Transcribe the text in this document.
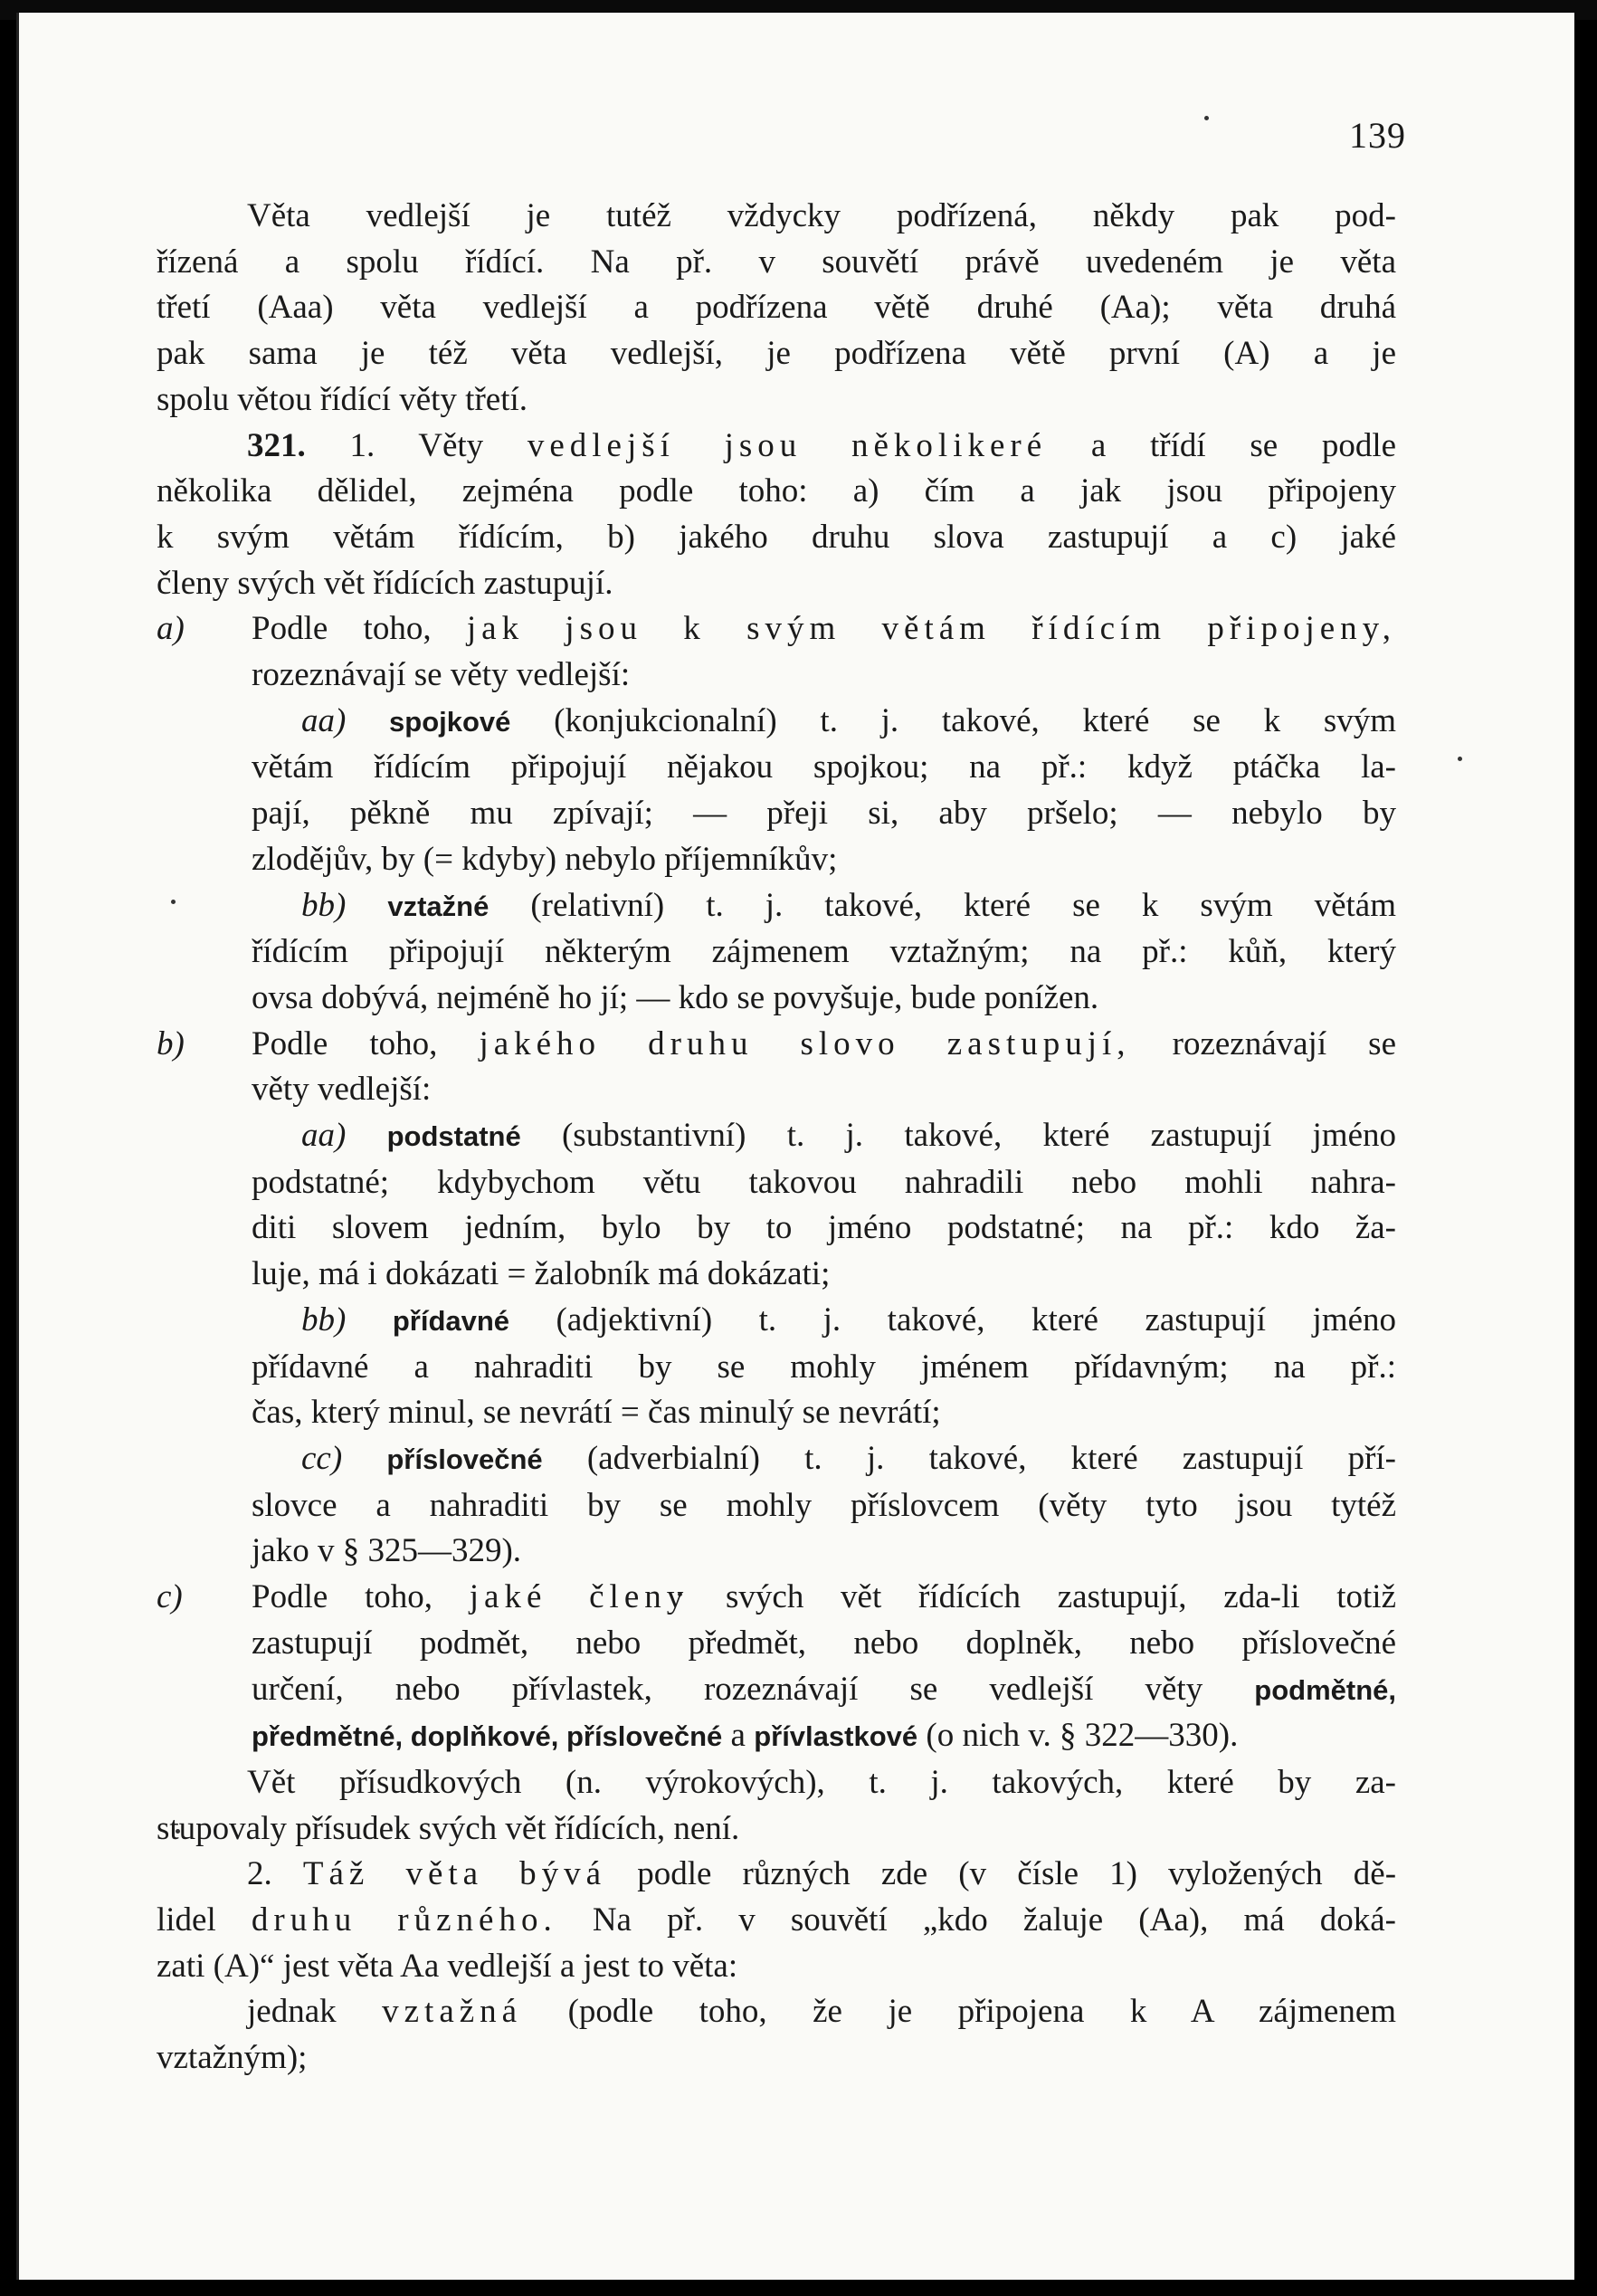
139

Věta vedlejší je tutéž vždycky podřízená, někdy pak pod-
řízená a spolu řídící. Na př. v souvětí právě uvedeném je věta
třetí (Aaa) věta vedlejší a podřízena větě druhé (Aa); věta druhá
pak sama je též věta vedlejší, je podřízena větě první (A) a je
spolu větou řídící věty třetí.

321. 1. Věty vedlejší jsou několikeré a třídí se podle
několika dělidel, zejména podle toho: a) čím a jak jsou připojeny
k svým větám řídícím, b) jakého druhu slova zastupují a c) jaké
členy svých vět řídících zastupují.

a) Podle toho, jak jsou k svým větám řídícím připojeny,
rozeznávají se věty vedlejší:

aa) spojkové (konjukcionalní) t. j. takové, které se k svým
větám řídícím připojují nějakou spojkou; na př.: když ptáčka la-
pají, pěkně mu zpívají; — přeji si, aby pršelo; — nebylo by
zlodějův, by (= kdyby) nebylo příjemníkův;

bb) vztažné (relativní) t. j. takové, které se k svým větám
řídícím připojují některým zájmenem vztažným; na př.: kůň, který
ovsa dobývá, nejméně ho jí; — kdo se povyšuje, bude ponížen.

b) Podle toho, jakého druhu slovo zastupují, rozeznávají se
věty vedlejší:

aa) podstatné (substantivní) t. j. takové, které zastupují jméno
podstatné; kdybychom větu takovou nahradili nebo mohli nahra-
diti slovem jedním, bylo by to jméno podstatné; na př.: kdo ža-
luje, má i dokázati = žalobník má dokázati;

bb) přídavné (adjektivní) t. j. takové, které zastupují jméno
přídavné a nahraditi by se mohly jménem přídavným; na př.:
čas, který minul, se nevrátí = čas minulý se nevrátí;

cc) příslovečné (adverbialní) t. j. takové, které zastupují pří-
slovce a nahraditi by se mohly příslovcem (věty tyto jsou tytéž
jako v § 325—329).

c) Podle toho, jaké členy svých vět řídících zastupují, zda-li totiž
zastupují podmět, nebo předmět, nebo doplněk, nebo příslovečné
určení, nebo přívlastek, rozeznávají se vedlejší věty podmětné,
předmětné, doplňkové, příslovečné a přívlastkové (o nich v. § 322—330).

Vět přísudkových (n. výrokových), t. j. takových, které by za-
stupovaly přísudek svých vět řídících, není.

2. Táž věta bývá podle různých zde (v čísle 1) vyložených dě-
lidel druhu různého. Na př. v souvětí „kdo žaluje (Aa), má doká-
zati (A)“ jest věta Aa vedlejší a jest to věta:

jednak vztažná (podle toho, že je připojena k A zájmenem
vztažným);
